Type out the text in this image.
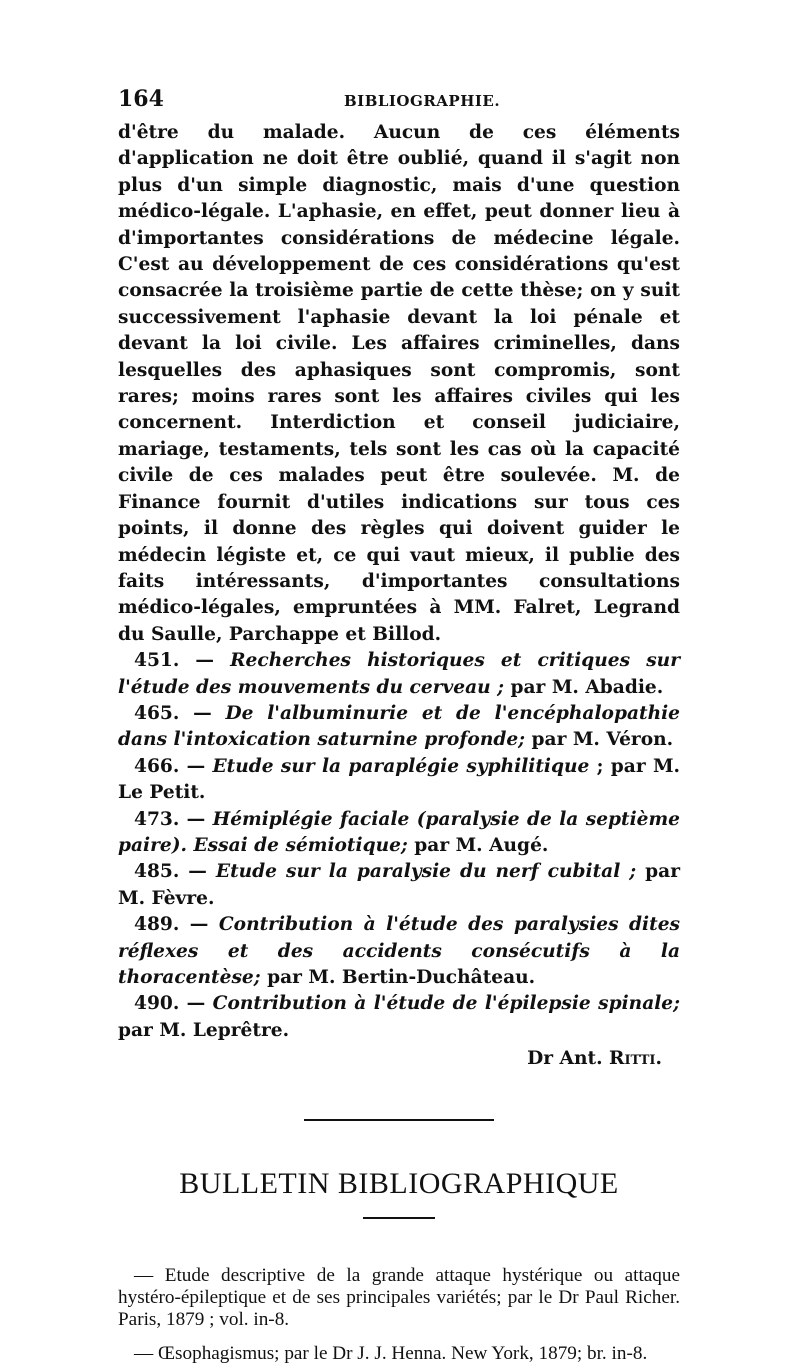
164	BIBLIOGRAPHIE.

d'être du malade. Aucun de ces éléments d'application ne doit être oublié, quand il s'agit non plus d'un simple diagnostic, mais d'une question médico-légale. L'aphasie, en effet, peut donner lieu à d'importantes considérations de médecine légale. C'est au développement de ces considérations qu'est consacrée la troisième partie de cette thèse; on y suit successivement l'aphasie devant la loi pénale et devant la loi civile. Les affaires criminelles, dans lesquelles des aphasiques sont compromis, sont rares; moins rares sont les affaires civiles qui les concernent. Interdiction et conseil judiciaire, mariage, testaments, tels sont les cas où la capacité civile de ces malades peut être soulevée. M. de Finance fournit d'utiles indications sur tous ces points, il donne des règles qui doivent guider le médecin légiste et, ce qui vaut mieux, il publie des faits intéressants, d'importantes consultations médico-légales, empruntées à MM. Falret, Legrand du Saulle, Parchappe et Billod.

451. — Recherches historiques et critiques sur l'étude des mouvements du cerveau ; par M. Abadie.

465. — De l'albuminurie et de l'encéphalopathie dans l'intoxication saturnine profonde; par M. Véron.

466. — Etude sur la paraplégie syphilitique ; par M. Le Petit.

473. — Hémiplégie faciale (paralysie de la septième paire). Essai de sémiotique; par M. Augé.

485. — Etude sur la paralysie du nerf cubital ; par M. Fèvre.

489. — Contribution à l'étude des paralysies dites réflexes et des accidents consécutifs à la thoracentèse; par M. Bertin-Duchâteau.

490. — Contribution à l'étude de l'épilepsie spinale; par M. Leprêtre.

Dr Ant. Ritti.
BULLETIN BIBLIOGRAPHIQUE

— Etude descriptive de la grande attaque hystérique ou attaque hystéro-épileptique et de ses principales variétés; par le Dr Paul Richer. Paris, 1879 ; vol. in-8.

— Œsophagismus; par le Dr J. J. Henna. New York, 1879; br. in-8.
